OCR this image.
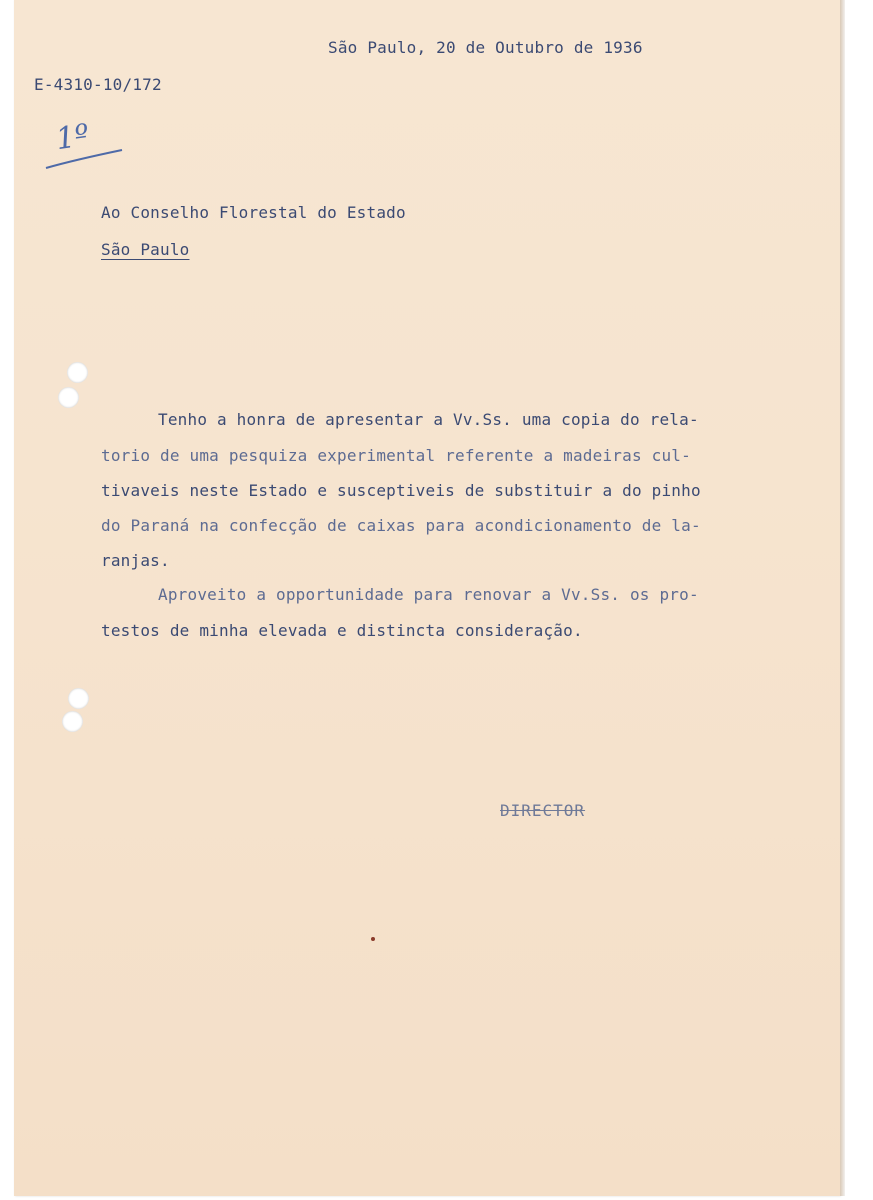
São Paulo, 20 de Outubro de 1936

E-4310-10/172

1º

Ao Conselho Florestal do Estado

São Paulo

Tenho a honra de apresentar a Vv.Ss. uma copia do rela-

torio de uma pesquiza experimental referente a madeiras cul-

tivaveis neste Estado e susceptiveis de substituir a do pinho

do Paraná na confecção de caixas para acondicionamento de la-

ranjas.

Aproveito a opportunidade para renovar a Vv.Ss. os pro-

testos de minha elevada e distincta consideração.

DIRECTOR
